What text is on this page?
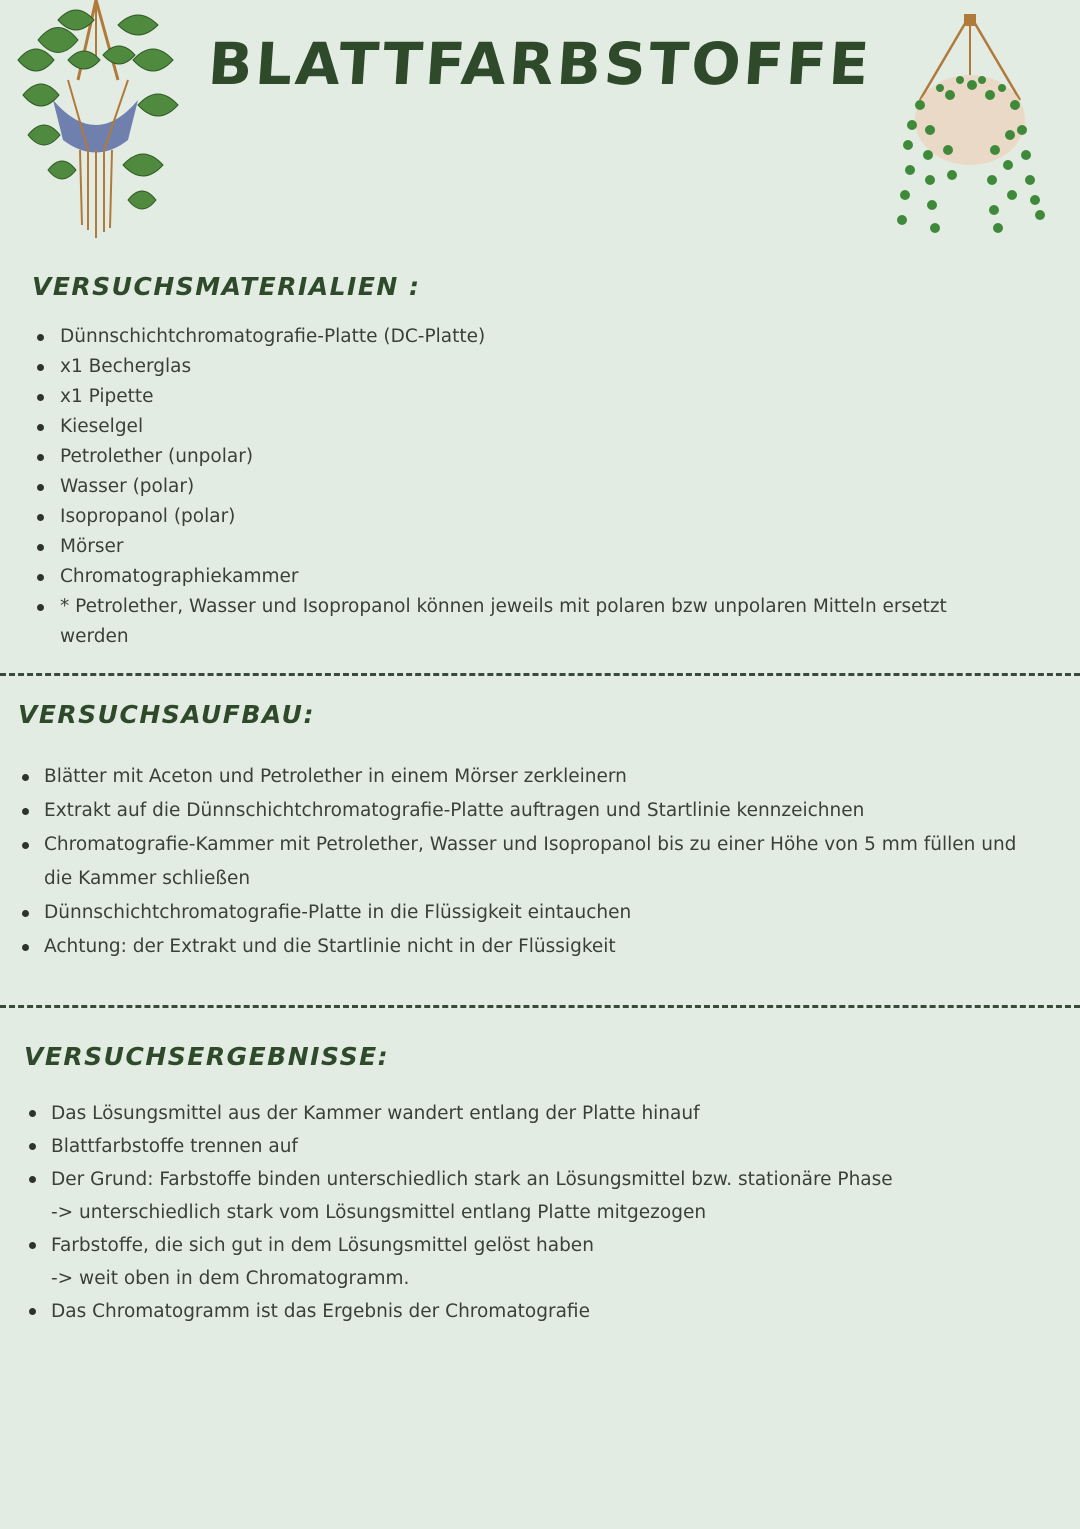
BLATTFARBSTOFFE
VERSUCHSMATERIALIEN :
Dünnschichtchromatografie-Platte (DC-Platte)
x1 Becherglas
x1 Pipette
Kieselgel
Petrolether (unpolar)
Wasser (polar)
Isopropanol (polar)
Mörser
Chromatographiekammer
* Petrolether, Wasser und Isopropanol können jeweils mit polaren bzw unpolaren Mitteln ersetzt werden
VERSUCHSAUFBAU:
Blätter mit Aceton und Petrolether in einem Mörser zerkleinern
Extrakt auf die Dünnschichtchromatografie-Platte auftragen und Startlinie kennzeichnen
Chromatografie-Kammer mit Petrolether, Wasser und Isopropanol bis zu einer Höhe von 5 mm füllen und die Kammer schließen
Dünnschichtchromatografie-Platte in die Flüssigkeit eintauchen
Achtung: der Extrakt und die Startlinie nicht in der Flüssigkeit
VERSUCHSERGEBNISSE:
Das Lösungsmittel aus der Kammer wandert entlang der Platte hinauf
Blattfarbstoffe trennen auf
Der Grund: Farbstoffe binden unterschiedlich stark an Lösungsmittel bzw. stationäre Phase
-> unterschiedlich stark vom Lösungsmittel entlang Platte mitgezogen
Farbstoffe, die sich gut in dem Lösungsmittel gelöst haben
-> weit oben in dem Chromatogramm.
Das Chromatogramm ist das Ergebnis der Chromatografie
